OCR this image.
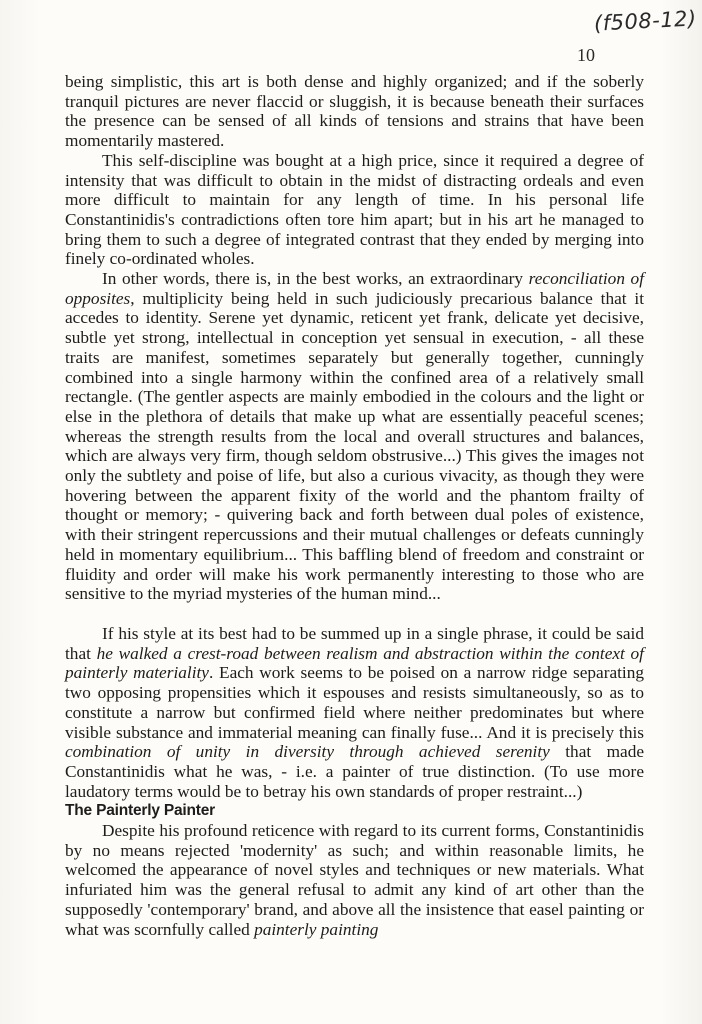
(f508-12)
10

being simplistic, this art is both dense and highly organized; and if the soberly tranquil pictures are never flaccid or sluggish, it is because beneath their surfaces the presence can be sensed of all kinds of tensions and strains that have been momentarily mastered.

This self-discipline was bought at a high price, since it required a degree of intensity that was difficult to obtain in the midst of distracting ordeals and even more difficult to maintain for any length of time. In his personal life Constantinidis's contradictions often tore him apart; but in his art he managed to bring them to such a degree of integrated contrast that they ended by merging into finely co-ordinated wholes.

In other words, there is, in the best works, an extraordinary reconciliation of opposites, multiplicity being held in such judiciously precarious balance that it accedes to identity. Serene yet dynamic, reticent yet frank, delicate yet decisive, subtle yet strong, intellectual in conception yet sensual in execution, - all these traits are manifest, sometimes separately but generally together, cunningly combined into a single harmony within the confined area of a relatively small rectangle. (The gentler aspects are mainly embodied in the colours and the light or else in the plethora of details that make up what are essentially peaceful scenes; whereas the strength results from the local and overall structures and balances, which are always very firm, though seldom obstrusive...) This gives the images not only the subtlety and poise of life, but also a curious vivacity, as though they were hovering between the apparent fixity of the world and the phantom frailty of thought or memory; - quivering back and forth between dual poles of existence, with their stringent repercussions and their mutual challenges or defeats cunningly held in momentary equilibrium... This baffling blend of freedom and constraint or fluidity and order will make his work permanently interesting to those who are sensitive to the myriad mysteries of the human mind...

If his style at its best had to be summed up in a single phrase, it could be said that he walked a crest-road between realism and abstraction within the context of painterly materiality. Each work seems to be poised on a narrow ridge separating two opposing propensities which it espouses and resists simultaneously, so as to constitute a narrow but confirmed field where neither predominates but where visible substance and immaterial meaning can finally fuse... And it is precisely this combination of unity in diversity through achieved serenity that made Constantinidis what he was, - i.e. a painter of true distinction. (To use more laudatory terms would be to betray his own standards of proper restraint...)

The Painterly Painter

Despite his profound reticence with regard to its current forms, Constantinidis by no means rejected 'modernity' as such; and within reasonable limits, he welcomed the appearance of novel styles and techniques or new materials. What infuriated him was the general refusal to admit any kind of art other than the supposedly 'contemporary' brand, and above all the insistence that easel painting or what was scornfully called painterly painting
